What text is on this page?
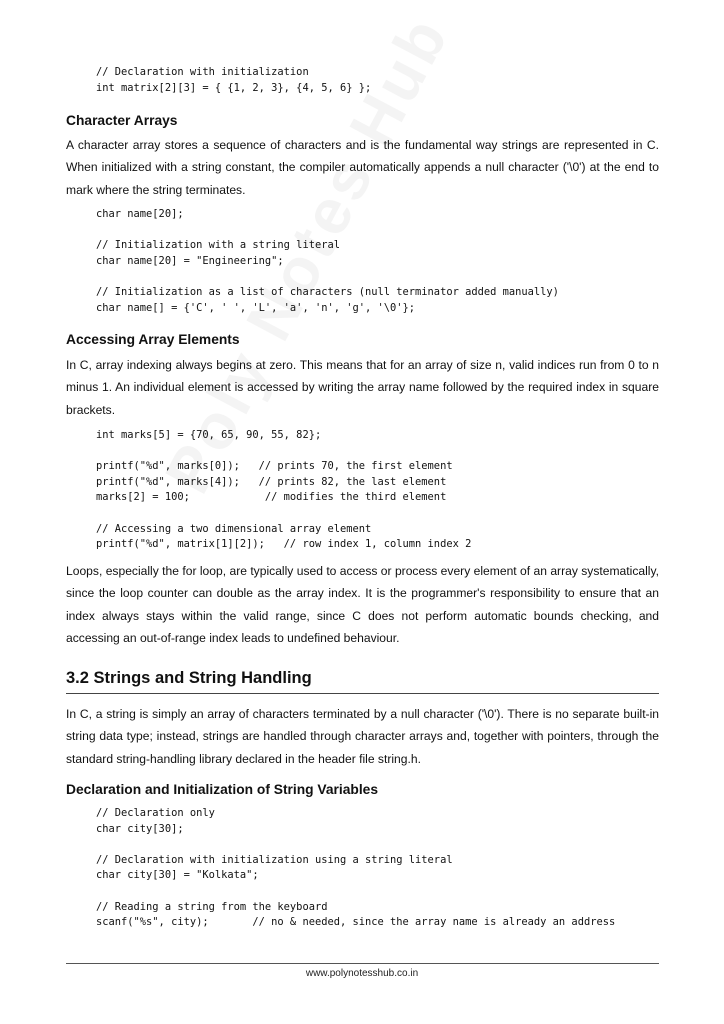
// Declaration with initialization
int matrix[2][3] = { {1, 2, 3}, {4, 5, 6} };
Character Arrays

A character array stores a sequence of characters and is the fundamental way strings are represented in C. When initialized with a string constant, the compiler automatically appends a null character ('\0') at the end to mark where the string terminates.

char name[20];

// Initialization with a string literal
char name[20] = "Engineering";

// Initialization as a list of characters (null terminator added manually)
char name[] = {'C', ' ', 'L', 'a', 'n', 'g', '\0'};
Accessing Array Elements

In C, array indexing always begins at zero. This means that for an array of size n, valid indices run from 0 to n minus 1. An individual element is accessed by writing the array name followed by the required index in square brackets.

int marks[5] = {70, 65, 90, 55, 82};

printf("%d", marks[0]);   // prints 70, the first element
printf("%d", marks[4]);   // prints 82, the last element
marks[2] = 100;            // modifies the third element

// Accessing a two dimensional array element
printf("%d", matrix[1][2]);   // row index 1, column index 2

Loops, especially the for loop, are typically used to access or process every element of an array systematically, since the loop counter can double as the array index. It is the programmer's responsibility to ensure that an index always stays within the valid range, since C does not perform automatic bounds checking, and accessing an out-of-range index leads to undefined behaviour.

3.2 Strings and String Handling

In C, a string is simply an array of characters terminated by a null character ('\0'). There is no separate built-in string data type; instead, strings are handled through character arrays and, together with pointers, through the standard string-handling library declared in the header file string.h.

Declaration and Initialization of String Variables
// Declaration only
char city[30];

// Declaration with initialization using a string literal
char city[30] = "Kolkata";

// Reading a string from the keyboard
scanf("%s", city);       // no & needed, since the array name is already an address
www.polynotesshub.co.in
